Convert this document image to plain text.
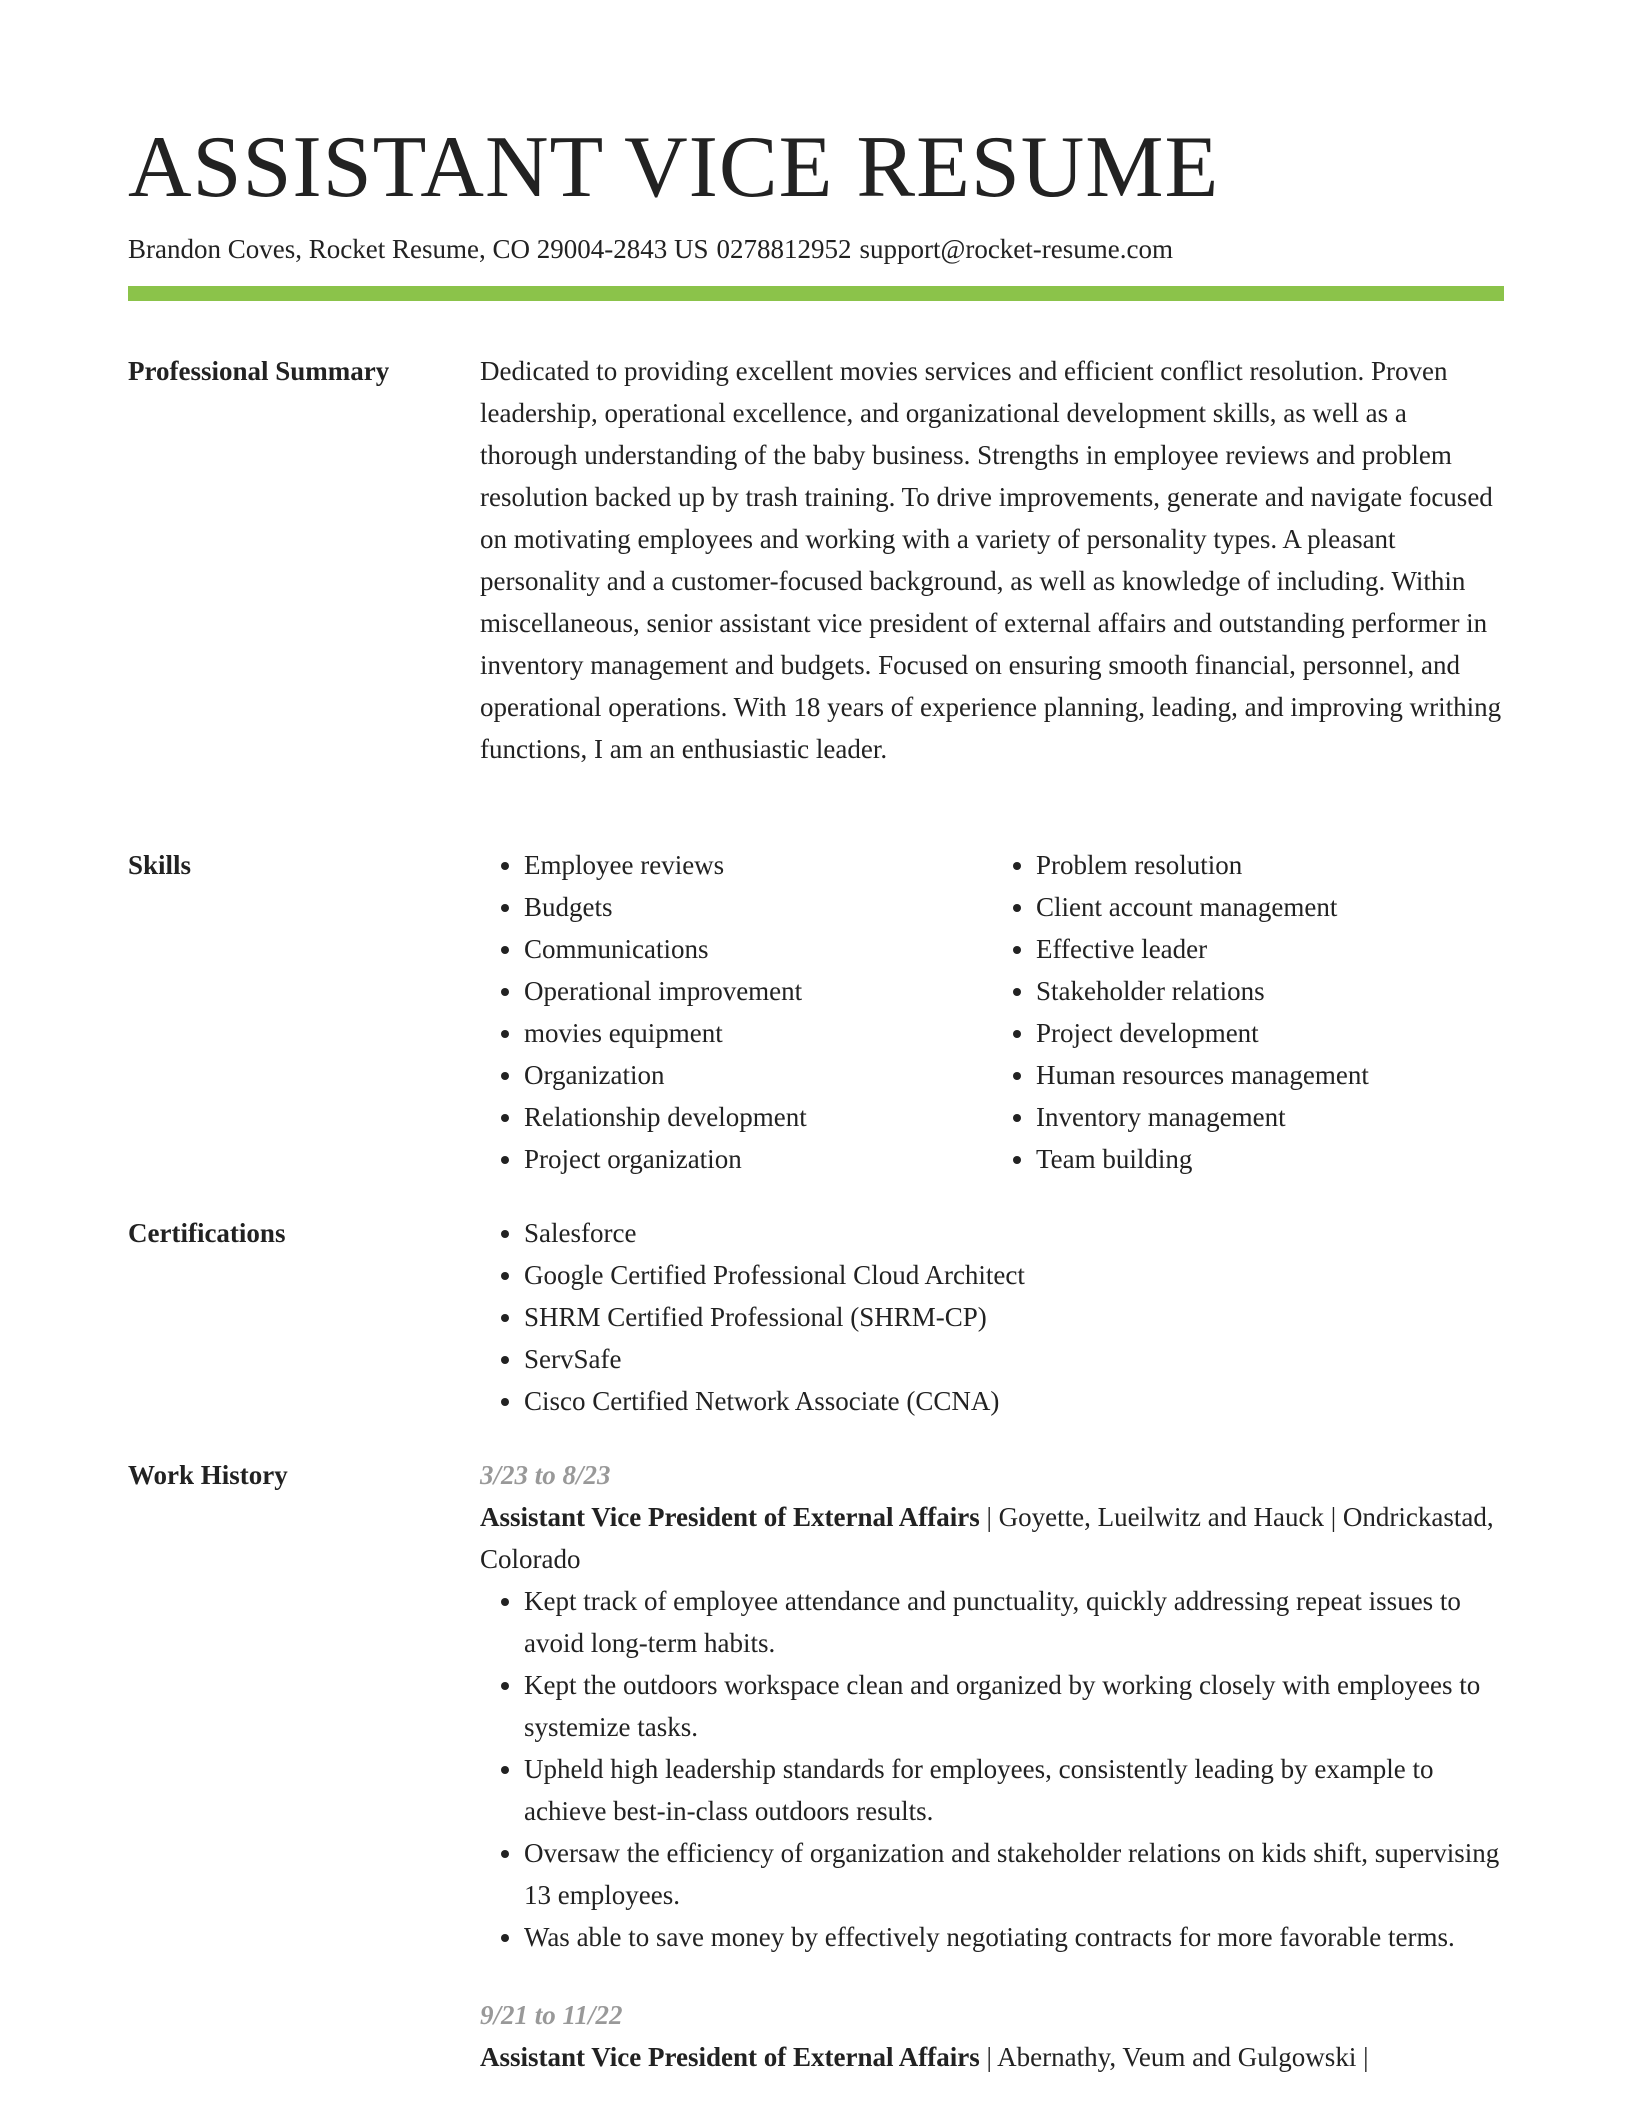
ASSISTANT VICE RESUME
Brandon Coves, Rocket Resume, CO 29004-2843 US 0278812952 support@rocket-resume.com
Professional Summary	Dedicated to providing excellent movies services and efficient conflict resolution. Proven leadership, operational excellence, and organizational development skills, as well as a thorough understanding of the baby business. Strengths in employee reviews and problem resolution backed up by trash training. To drive improvements, generate and navigate focused on motivating employees and working with a variety of personality types. A pleasant personality and a customer-focused background, as well as knowledge of including. Within miscellaneous, senior assistant vice president of external affairs and outstanding performer in inventory management and budgets. Focused on ensuring smooth financial, personnel, and operational operations. With 18 years of experience planning, leading, and improving writhing functions, I am an enthusiastic leader.

Skills	• Employee reviews
• Budgets
• Communications
• Operational improvement
• movies equipment
• Organization
• Relationship development
• Project organization
• Problem resolution
• Client account management
• Effective leader
• Stakeholder relations
• Project development
• Human resources management
• Inventory management
• Team building
Certifications	• Salesforce
• Google Certified Professional Cloud Architect
• SHRM Certified Professional (SHRM-CP)
• ServSafe
• Cisco Certified Network Associate (CCNA)
Work History	3/23 to 8/23
Assistant Vice President of External Affairs | Goyette, Lueilwitz and Hauck | Ondrickastad, Colorado
• Kept track of employee attendance and punctuality, quickly addressing repeat issues to avoid long-term habits.
• Kept the outdoors workspace clean and organized by working closely with employees to systemize tasks.
• Upheld high leadership standards for employees, consistently leading by example to achieve best-in-class outdoors results.
• Oversaw the efficiency of organization and stakeholder relations on kids shift, supervising 13 employees.
• Was able to save money by effectively negotiating contracts for more favorable terms.
9/21 to 11/22
Assistant Vice President of External Affairs | Abernathy, Veum and Gulgowski |
